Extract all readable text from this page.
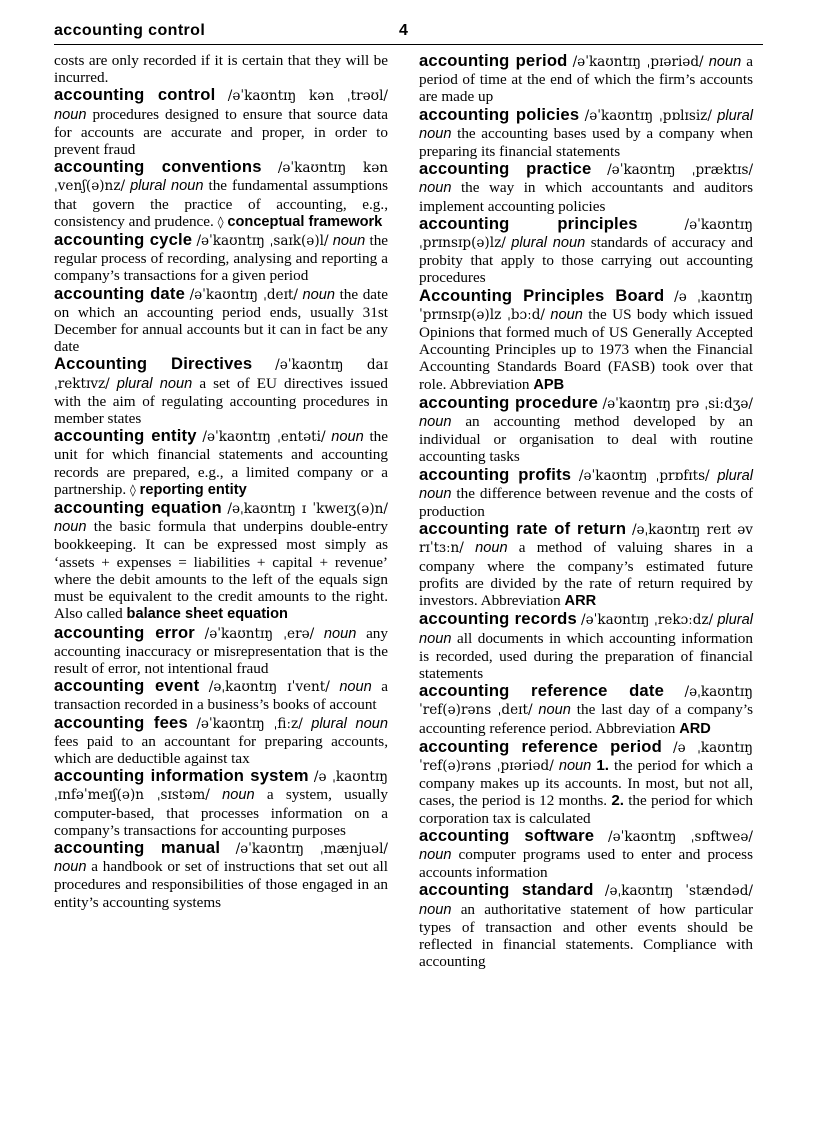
accounting control	4

costs are only recorded if it is certain that they will be incurred.

accounting control /əˈkaʊntɪŋ kən ˌtrəʊl/ noun procedures designed to ensure that source data for accounts are accurate and proper, in order to prevent fraud

accounting conventions /əˈkaʊntɪŋ kənˌvenʃ(ə)nz/ plural noun the fundamental assumptions that govern the practice of accounting, e.g., consistency and prudence. ◊ conceptual framework

accounting cycle /əˈkaʊntɪŋ ˌsaɪk(ə)l/ noun the regular process of recording, analysing and reporting a company’s transactions for a given period

accounting date /əˈkaʊntɪŋ ˌdeɪt/ noun the date on which an accounting period ends, usually 31st December for annual accounts but it can in fact be any date

Accounting Directives /əˈkaʊntɪŋ daɪ ˌrektɪvz/ plural noun a set of EU directives issued with the aim of regulating accounting procedures in member states

accounting entity /əˈkaʊntɪŋ ˌentəti/ noun the unit for which financial statements and accounting records are prepared, e.g., a limited company or a partnership. ◊ reporting entity

accounting equation /əˌkaʊntɪŋ ɪ ˈkweɪʒ(ə)n/ noun the basic formula that underpins double-entry bookkeeping. It can be expressed most simply as ‘assets + expenses = liabilities + capital + revenue’ where the debit amounts to the left of the equals sign must be equivalent to the credit amounts to the right. Also called balance sheet equation

accounting error /əˈkaʊntɪŋ ˌerə/ noun any accounting inaccuracy or misrepresentation that is the result of error, not intentional fraud

accounting event /əˌkaʊntɪŋ ɪˈvent/ noun a transaction recorded in a business’s books of account

accounting fees /əˈkaʊntɪŋ ˌfiːz/ plural noun fees paid to an accountant for preparing accounts, which are deductible against tax

accounting information system /ə ˌkaʊntɪŋ ˌɪnfəˈmeɪʃ(ə)n ˌsɪstəm/ noun a system, usually computer-based, that processes information on a company’s transactions for accounting purposes

accounting manual /əˈkaʊntɪŋ ˌmænjuəl/ noun a handbook or set of instructions that set out all procedures and responsibilities of those engaged in an entity’s accounting systems

accounting period /əˈkaʊntɪŋ ˌpɪəriəd/ noun a period of time at the end of which the firm’s accounts are made up

accounting policies /əˈkaʊntɪŋ ˌpɒlɪsiz/ plural noun the accounting bases used by a company when preparing its financial statements

accounting practice /əˈkaʊntɪŋ ˌpræktɪs/ noun the way in which accountants and auditors implement accounting policies

accounting principles	/əˈkaʊntɪŋ ˌprɪnsɪp(ə)lz/ plural noun standards of accuracy and probity that apply to those carrying out accounting procedures

Accounting Principles Board /ə ˌkaʊntɪŋ ˈprɪnsɪp(ə)lz ˌbɔːd/ noun the US body which issued Opinions that formed much of US Generally Accepted Accounting Principles up to 1973 when the Financial Accounting Standards Board (FASB) took over that role. Abbreviation APB

accounting procedure /əˈkaʊntɪŋ prə ˌsiːdʒə/ noun an accounting method developed by an individual or organisation to deal with routine accounting tasks

accounting profits /əˈkaʊntɪŋ ˌprɒfɪts/ plural noun the difference between revenue and the costs of production

accounting rate of return /əˌkaʊntɪŋ reɪt əv rɪˈtɜːn/ noun a method of valuing shares in a company where the company’s estimated future profits are divided by the rate of return required by investors. Abbreviation ARR

accounting records /əˈkaʊntɪŋ ˌrekɔːdz/ plural noun all documents in which accounting information is recorded, used during the preparation of financial statements

accounting reference date /əˌkaʊntɪŋ ˈref(ə)rəns ˌdeɪt/ noun the last day of a company’s accounting reference period. Abbreviation ARD

accounting reference period /ə ˌkaʊntɪŋ ˈref(ə)rəns ˌpɪəriəd/ noun 1. the period for which a company makes up its accounts. In most, but not all, cases, the period is 12 months. 2. the period for which corporation tax is calculated

accounting software /əˈkaʊntɪŋ ˌsɒftweə/ noun computer programs used to enter and process accounts information

accounting standard /əˌkaʊntɪŋ ˈstændəd/ noun an authoritative statement of how particular types of transaction and other events should be reflected in financial statements. Compliance with accounting
